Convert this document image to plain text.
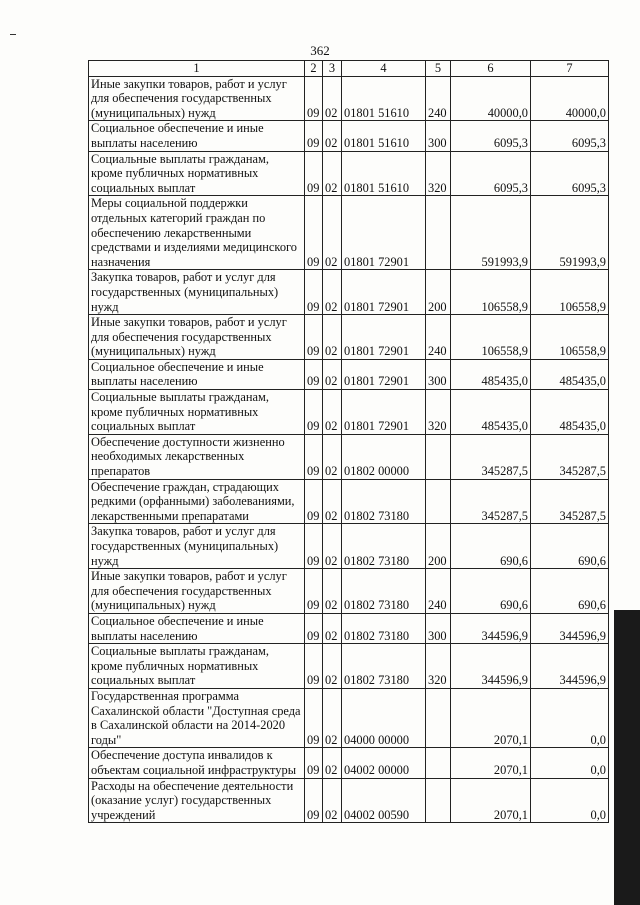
362
1	2	3	4	5	6	7
Иные закупки товаров, работ и услуг для обеспечения государственных (муниципальных) нужд	09	02	01801 51610	240	40000,0	40000,0
Социальное обеспечение и иные выплаты населению	09	02	01801 51610	300	6095,3	6095,3
Социальные выплаты гражданам, кроме публичных нормативных социальных выплат	09	02	01801 51610	320	6095,3	6095,3
Меры социальной поддержки отдельных категорий граждан по обеспечению лекарственными средствами и изделиями медицинского назначения	09	02	01801 72901		591993,9	591993,9
Закупка товаров, работ и услуг для государственных (муниципальных) нужд	09	02	01801 72901	200	106558,9	106558,9
Иные закупки товаров, работ и услуг для обеспечения государственных (муниципальных) нужд	09	02	01801 72901	240	106558,9	106558,9
Социальное обеспечение и иные выплаты населению	09	02	01801 72901	300	485435,0	485435,0
Социальные выплаты гражданам, кроме публичных нормативных социальных выплат	09	02	01801 72901	320	485435,0	485435,0
Обеспечение доступности жизненно необходимых лекарственных препаратов	09	02	01802 00000		345287,5	345287,5
Обеспечение граждан, страдающих редкими (орфанными) заболеваниями, лекарственными препаратами	09	02	01802 73180		345287,5	345287,5
Закупка товаров, работ и услуг для государственных (муниципальных) нужд	09	02	01802 73180	200	690,6	690,6
Иные закупки товаров, работ и услуг для обеспечения государственных (муниципальных) нужд	09	02	01802 73180	240	690,6	690,6
Социальное обеспечение и иные выплаты населению	09	02	01802 73180	300	344596,9	344596,9
Социальные выплаты гражданам, кроме публичных нормативных социальных выплат	09	02	01802 73180	320	344596,9	344596,9
Государственная программа Сахалинской области "Доступная среда в Сахалинской области на 2014-2020 годы"	09	02	04000 00000		2070,1	0,0
Обеспечение доступа инвалидов к объектам социальной инфраструктуры	09	02	04002 00000		2070,1	0,0
Расходы на обеспечение деятельности (оказание услуг) государственных учреждений	09	02	04002 00590		2070,1	0,0
